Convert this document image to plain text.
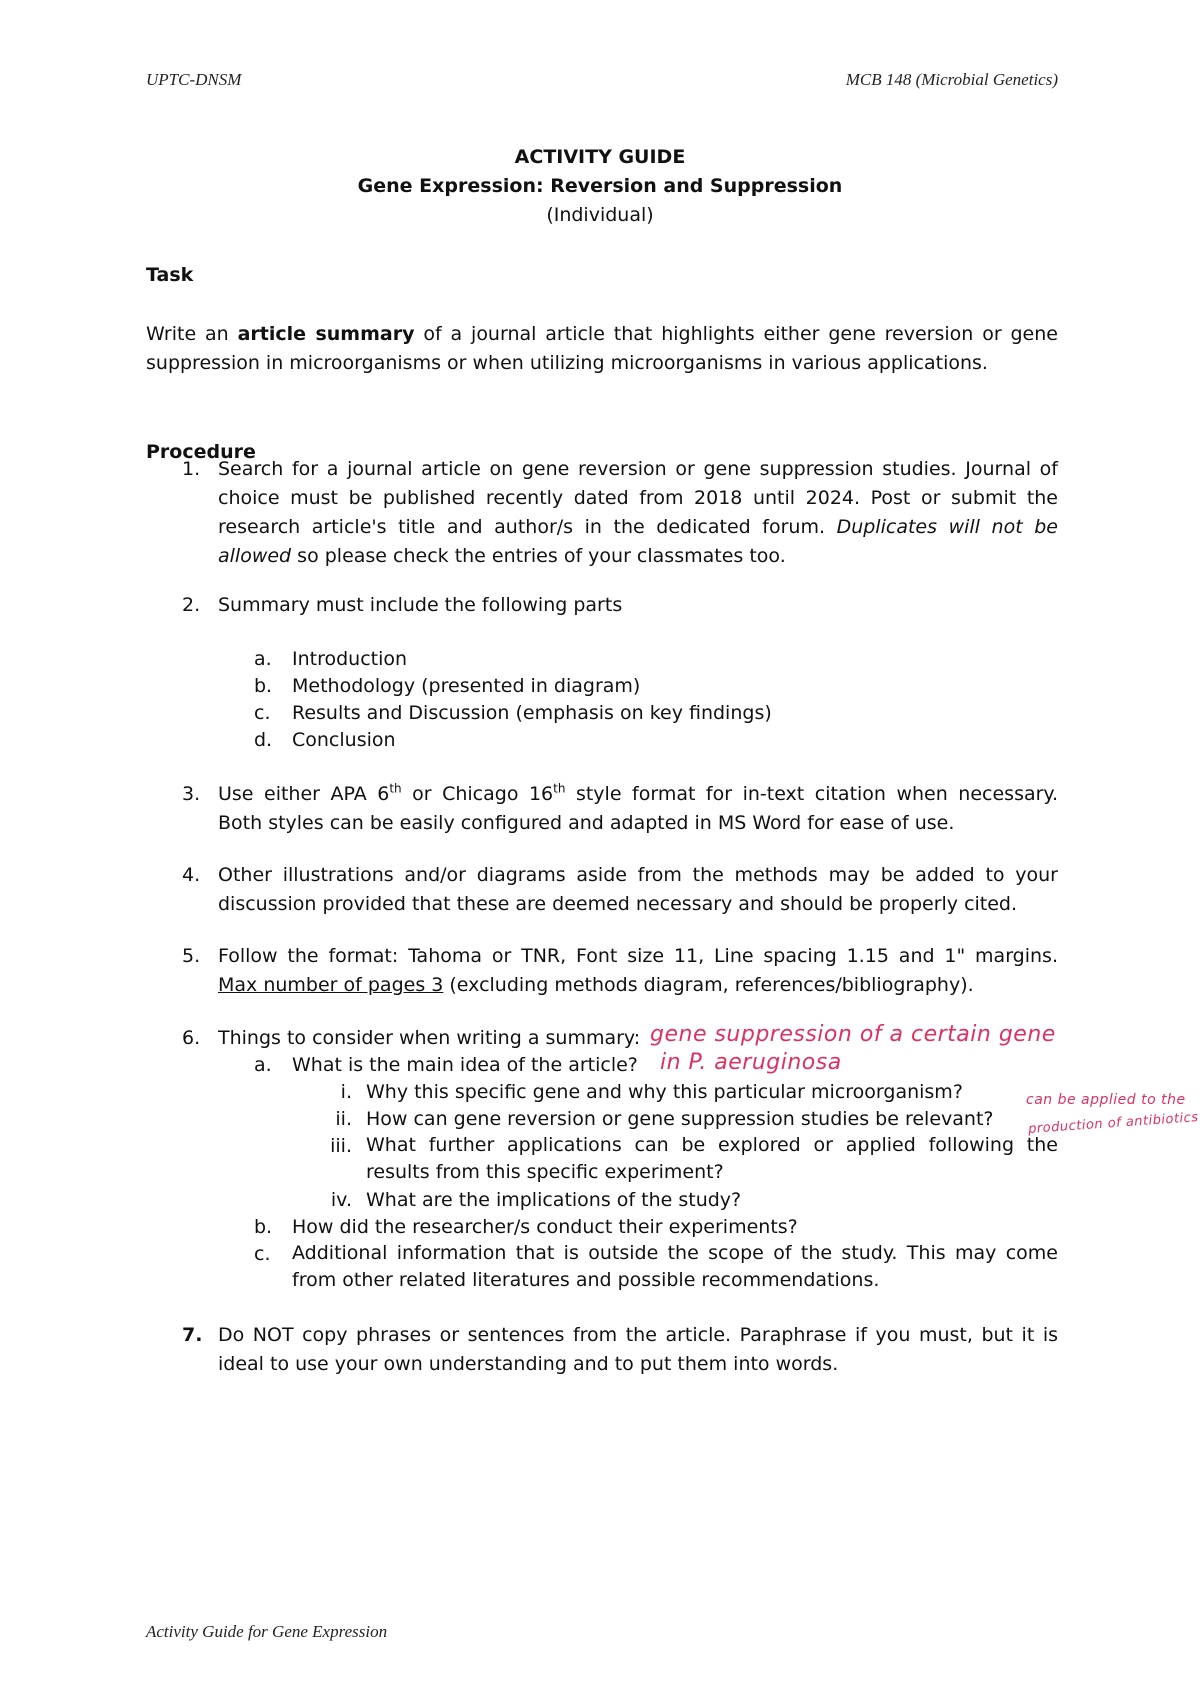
UPTC-DNSM	MCB 148 (Microbial Genetics)
ACTIVITY GUIDE
Gene Expression: Reversion and Suppression
(Individual)
Task
Write an article summary of a journal article that highlights either gene reversion or gene
suppression in microorganisms or when utilizing microorganisms in various applications.
Procedure
1. Search for a journal article on gene reversion or gene suppression studies. Journal of
choice must be published recently dated from 2018 until 2024. Post or submit the
research article's title and author/s in the dedicated forum. Duplicates will not be
allowed so please check the entries of your classmates too.
2. Summary must include the following parts
a. Introduction
b. Methodology (presented in diagram)
c. Results and Discussion (emphasis on key findings)
d. Conclusion
3. Use either APA 6th or Chicago 16th style format for in-text citation when necessary.
Both styles can be easily configured and adapted in MS Word for ease of use.
4. Other illustrations and/or diagrams aside from the methods may be added to your
discussion provided that these are deemed necessary and should be properly cited.
5. Follow the format: Tahoma or TNR, Font size 11, Line spacing 1.15 and 1" margins.
Max number of pages 3 (excluding methods diagram, references/bibliography).
6. Things to consider when writing a summary:
a. What is the main idea of the article?
i. Why this specific gene and why this particular microorganism?
ii. How can gene reversion or gene suppression studies be relevant?
iii. What further applications can be explored or applied following the
results from this specific experiment?
iv. What are the implications of the study?
b. How did the researcher/s conduct their experiments?
c. Additional information that is outside the scope of the study. This may come
from other related literatures and possible recommendations.
7. Do NOT copy phrases or sentences from the article. Paraphrase if you must, but it is
ideal to use your own understanding and to put them into words.
gene suppression of a certain gene
in P. aeruginosa
can be applied to the
production of antibiotics
Activity Guide for Gene Expression
